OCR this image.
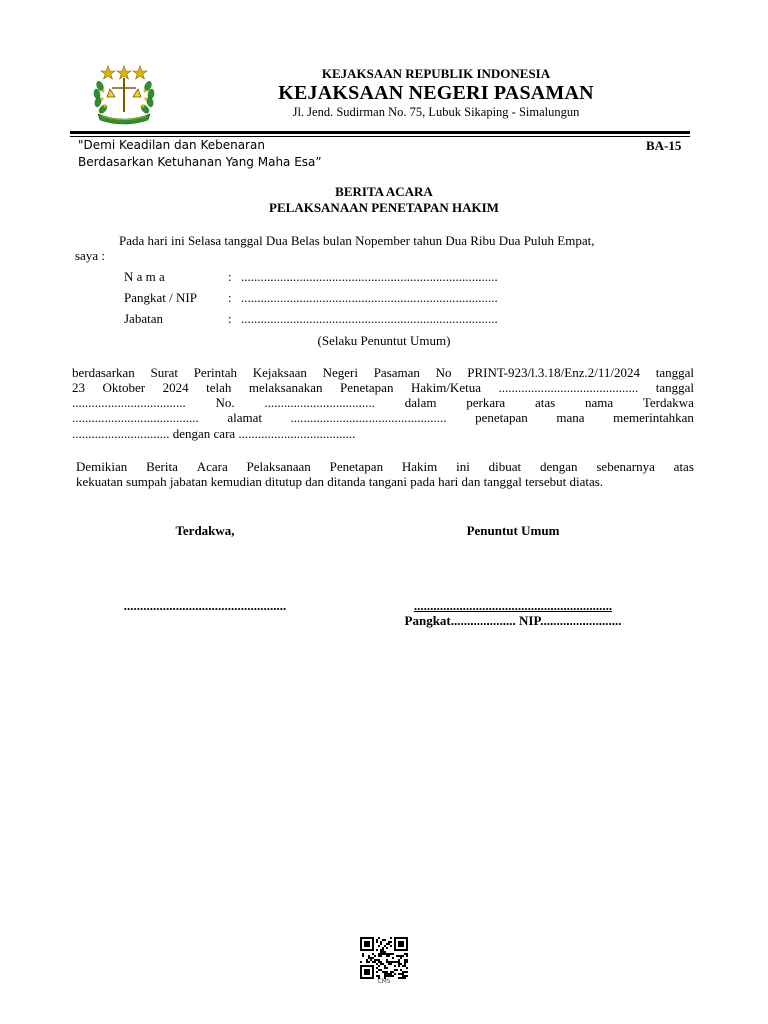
KEJAKSAAN REPUBLIK INDONESIA
KEJAKSAAN NEGERI PASAMAN
Jl. Jend. Sudirman No. 75, Lubuk Sikaping - Simalungun
"Demi Keadilan dan Kebenaran
Berdasarkan Ketuhanan Yang Maha Esa”
BA-15
BERITA ACARA
PELAKSANAAN PENETAPAN HAKIM
Pada hari ini Selasa tanggal Dua Belas bulan Nopember tahun Dua Ribu Dua Puluh Empat,
saya :
N a m a	: ...............................................................................
Pangkat / NIP : ...............................................................................
Jabatan	: ...............................................................................
(Selaku Penuntut Umum)
berdasarkan Surat Perintah Kejaksaan Negeri Pasaman No PRINT-923/l.3.18/Enz.2/11/2024 tanggal
23 Oktober 2024 telah melaksanakan Penetapan Hakim/Ketua ........................................... tanggal
................................... No. .................................. dalam perkara atas nama Terdakwa
....................................... alamat ................................................ penetapan mana memerintahkan
.............................. dengan cara ....................................
Demikian Berita Acara Pelaksanaan Penetapan Hakim ini dibuat dengan sebenarnya atas
kekuatan sumpah jabatan kemudian ditutup dan ditanda tangani pada hari dan tanggal tersebut diatas.
Terdakwa,	Penuntut Umum
..................................................	.............................................................
Pangkat.................... NIP.........................
CMS
